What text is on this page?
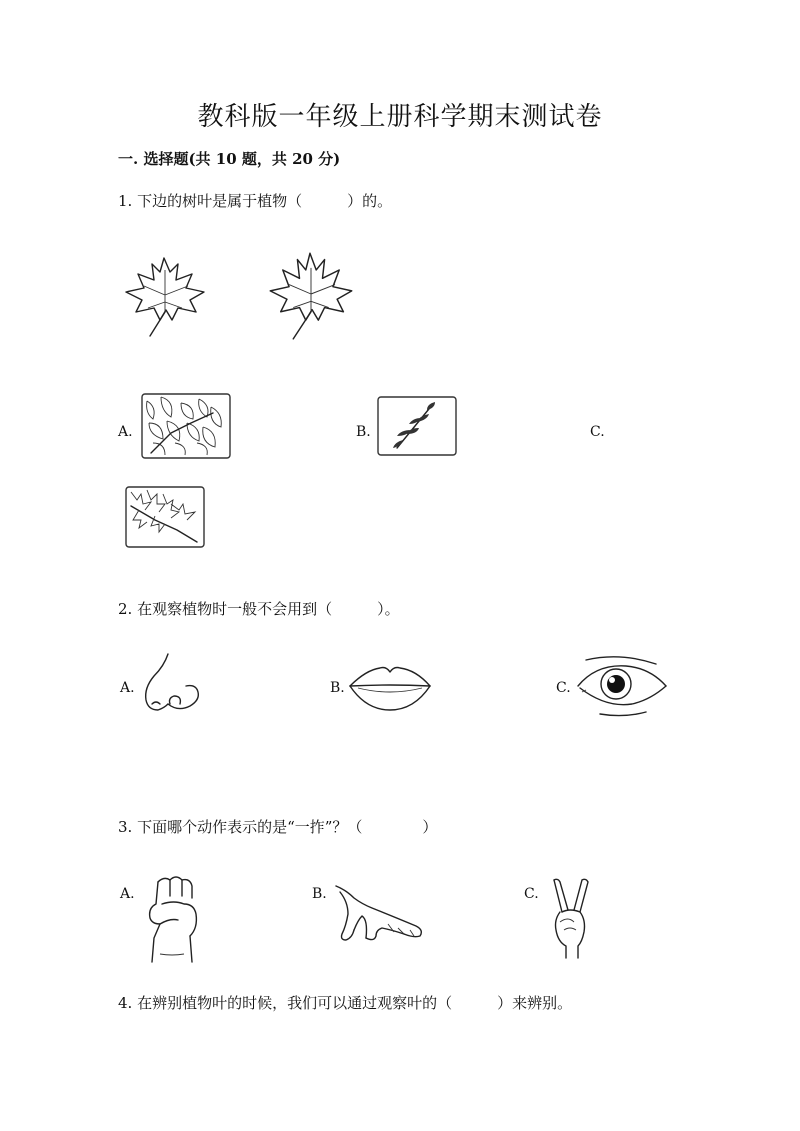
教科版一年级上册科学期末测试卷
一. 选择题(共 10 题，共 20 分)
1. 下边的树叶是属于植物（　　　）的。
A.	B.	C.
2. 在观察植物时一般不会用到（　　　）。
A.	B.	C.
3. 下面哪个动作表示的是“一拃”？（　　　　）
A.	B.	C.
4. 在辨别植物叶的时候，我们可以通过观察叶的（　　　）来辨别。
